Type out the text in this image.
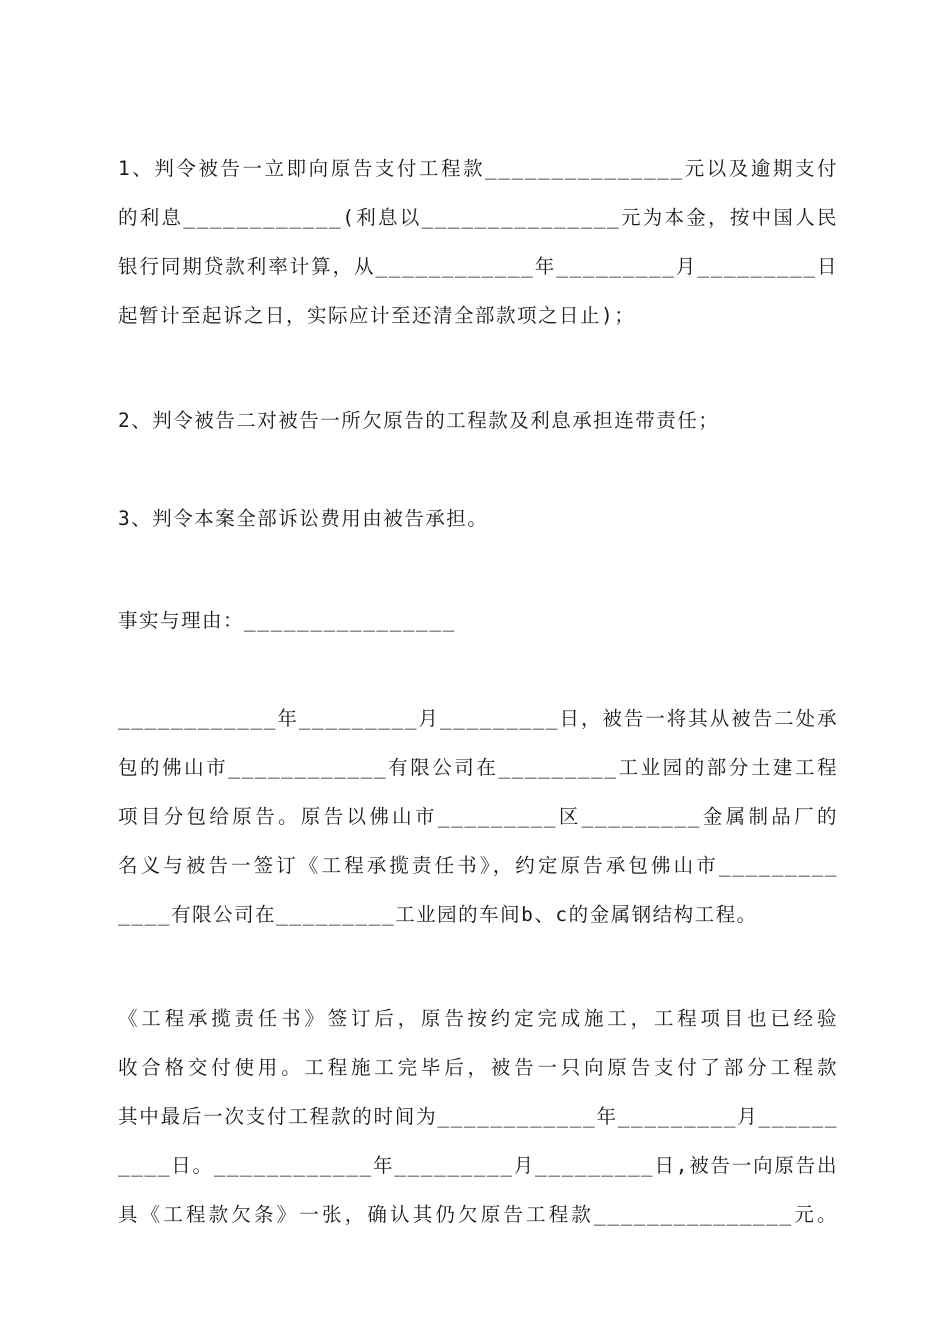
1、判令被告一立即向原告支付工程款_______________元以及逾期支付
的利息____________(利息以_______________元为本金，按中国人民
银行同期贷款利率计算，从____________年_________月_________日
起暂计至起诉之日，实际应计至还清全部款项之日止)；
2、判令被告二对被告一所欠原告的工程款及利息承担连带责任；
3、判令本案全部诉讼费用由被告承担。
事实与理由：________________
____________年_________月_________日，被告一将其从被告二处承
包的佛山市____________有限公司在_________工业园的部分土建工程
项目分包给原告。原告以佛山市_________区_________金属制品厂的
名义与被告一签订《工程承揽责任书》，约定原告承包佛山市_________
____有限公司在_________工业园的车间b、c的金属钢结构工程。
《工程承揽责任书》签订后，原告按约定完成施工，工程项目也已经验
收合格交付使用。工程施工完毕后，被告一只向原告支付了部分工程款
其中最后一次支付工程款的时间为____________年_________月______
____日。____________年_________月_________日,被告一向原告出
具《工程款欠条》一张，确认其仍欠原告工程款_______________元。
